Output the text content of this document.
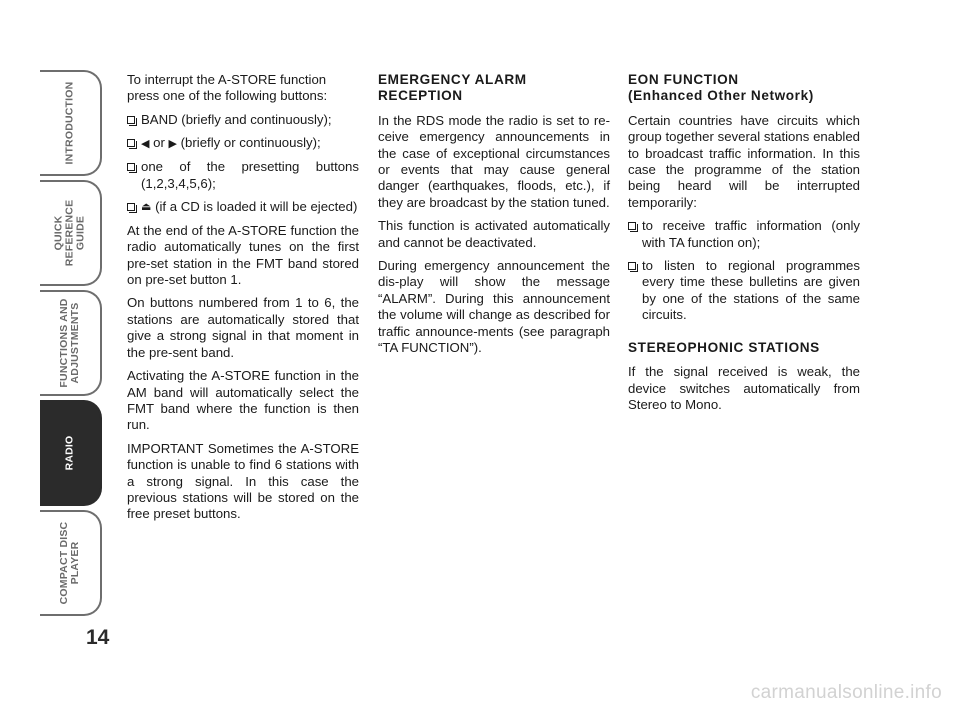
INTRODUCTION
QUICK
REFERENCE
GUIDE
FUNCTIONS AND
ADJUSTMENTS
RADIO
COMPACT DISC
PLAYER
14

To interrupt the A-STORE function press one of the following buttons:

BAND (briefly and continuously);
◀ or ▶ (briefly or continuously);
one of the presetting buttons (1,2,3,4,5,6);
⏏ (if a CD is loaded it will be ejected)

At the end of the A-STORE function the radio automatically tunes on the first pre-set station in the FMT band stored on pre-set button 1.

On buttons numbered from 1 to 6, the stations are automatically stored that give a strong signal in that moment in the pre-sent band.

Activating the A-STORE function in the AM band will automatically select the FMT band where the function is then run.

IMPORTANT Sometimes the A-STORE function is unable to find 6 stations with a strong signal. In this case the previous stations will be stored on the free preset buttons.

EMERGENCY ALARM
RECEPTION

In the RDS mode the radio is set to re-ceive emergency announcements in the case of exceptional circumstances or events that may cause general danger (earthquakes, floods, etc.), if they are broadcast by the station tuned.

This function is activated automatically and cannot be deactivated.

During emergency announcement the dis-play will show the message “ALARM”. During this announcement the volume will change as described for traffic announce-ments (see paragraph “TA FUNCTION”).

EON FUNCTION
(Enhanced Other Network)

Certain countries have circuits which group together several stations enabled to broadcast traffic information. In this case the programme of the station being heard will be interrupted temporarily:

to receive traffic information (only with TA function on);
to listen to regional programmes every time these bulletins are given by one of the stations of the same circuits.
STEREOPHONIC STATIONS

If the signal received is weak, the device switches automatically from Stereo to Mono.

carmanualsonline.info
